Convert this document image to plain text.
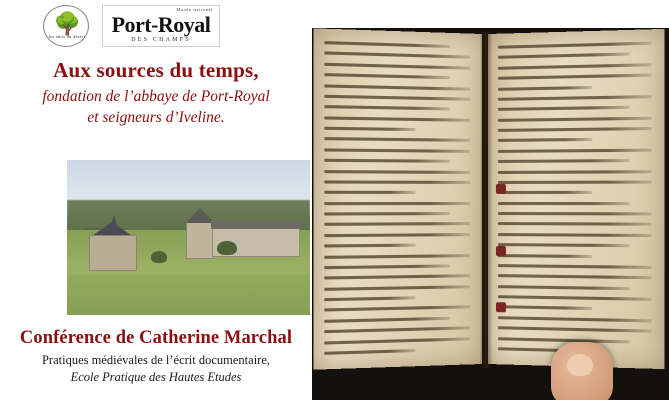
🌳
les amis du désert
Musée national
Port-Royal
DES CHAMPS
Aux sources du temps,
fondation de l’abbaye de Port-Royal
et seigneurs d’Iveline.
Conférence de Catherine Marchal
Pratiques médiévales de l’écrit documentaire,
Ecole Pratique des Hautes Etudes
